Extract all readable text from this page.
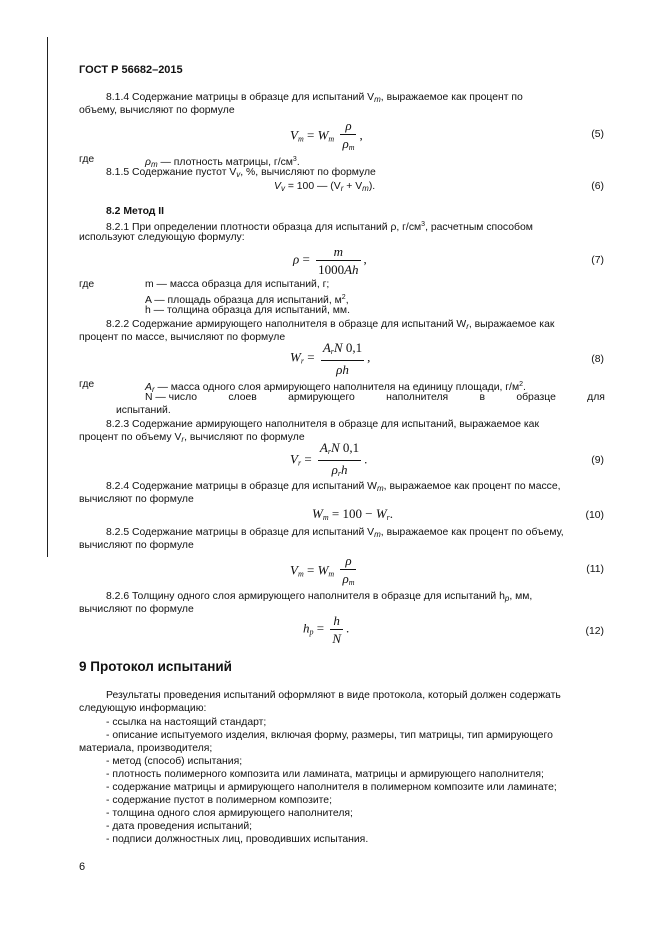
ГОСТ Р 56682–2015
8.1.4 Содержание матрицы в образце для испытаний $V_m$, выражаемое как процент по
объему, вычисляют по формуле
$V_m = W_m \frac{\rho}{\rho_m}$ ,	(5)
где	$\rho_m$ — плотность матрицы, $г/см^3$.
8.1.5 Содержание пустот $V_v$, %, вычисляют по формуле
$V_v = 100$ — $(V_r + V_m)$.	(6)
8.2 Метод II
8.2.1 При определении плотности образца для испытаний ρ, $г/см^3$, расчетным способом
используют следующую формулу:
$\rho = \frac{m}{1000Ah}$ ,	(7)
где	m — масса образца для испытаний, г;
A — площадь образца для испытаний, $м^2$,
h — толщина образца для испытаний, мм.
8.2.2 Содержание армирующего наполнителя в образце для испытаний $W_r$, выражаемое как
процент по массе, вычисляют по формуле
$W_r = \frac{A_rN 0,1}{\rho h}$ ,	(8)
где	$A_r$ — масса одного слоя армирующего наполнителя на единицу площади, $г/м^2$.
N — число	слоев	армирующего	наполнителя	в	образце	для
испытаний.
8.2.3 Содержание армирующего наполнителя в образце для испытаний, выражаемое как
процент по объему $V_r$, вычисляют по формуле
$V_r = \frac{A_rN 0,1}{\rho_rh}$ .	(9)
8.2.4 Содержание матрицы в образце для испытаний $W_m$, выражаемое как процент по массе,
вычисляют по формуле
$W_m = 100 - W_r$.	(10)
8.2.5 Содержание матрицы в образце для испытаний $V_m$, выражаемое как процент по объему,
вычисляют по формуле
$V_m = W_m \frac{\rho}{\rho_m}$	(11)
8.2.6 Толщину одного слоя армирующего наполнителя в образце для испытаний $h_p$, мм,
вычисляют по формуле
$h_p = \frac{h}{N}$ .	(12)
9 Протокол испытаний
Результаты проведения испытаний оформляют в виде протокола, который должен содержать
следующую информацию:
- ссылка на настоящий стандарт;
- описание испытуемого изделия, включая форму, размеры, тип матрицы, тип армирующего
материала, производителя;
- метод (способ) испытания;
- плотность полимерного композита или ламината, матрицы и армирующего наполнителя;
- содержание матрицы и армирующего наполнителя в полимерном композите или ламинате;
- содержание пустот в полимерном композите;
- толщина одного слоя армирующего наполнителя;
- дата проведения испытаний;
- подписи должностных лиц, проводивших испытания.
6
